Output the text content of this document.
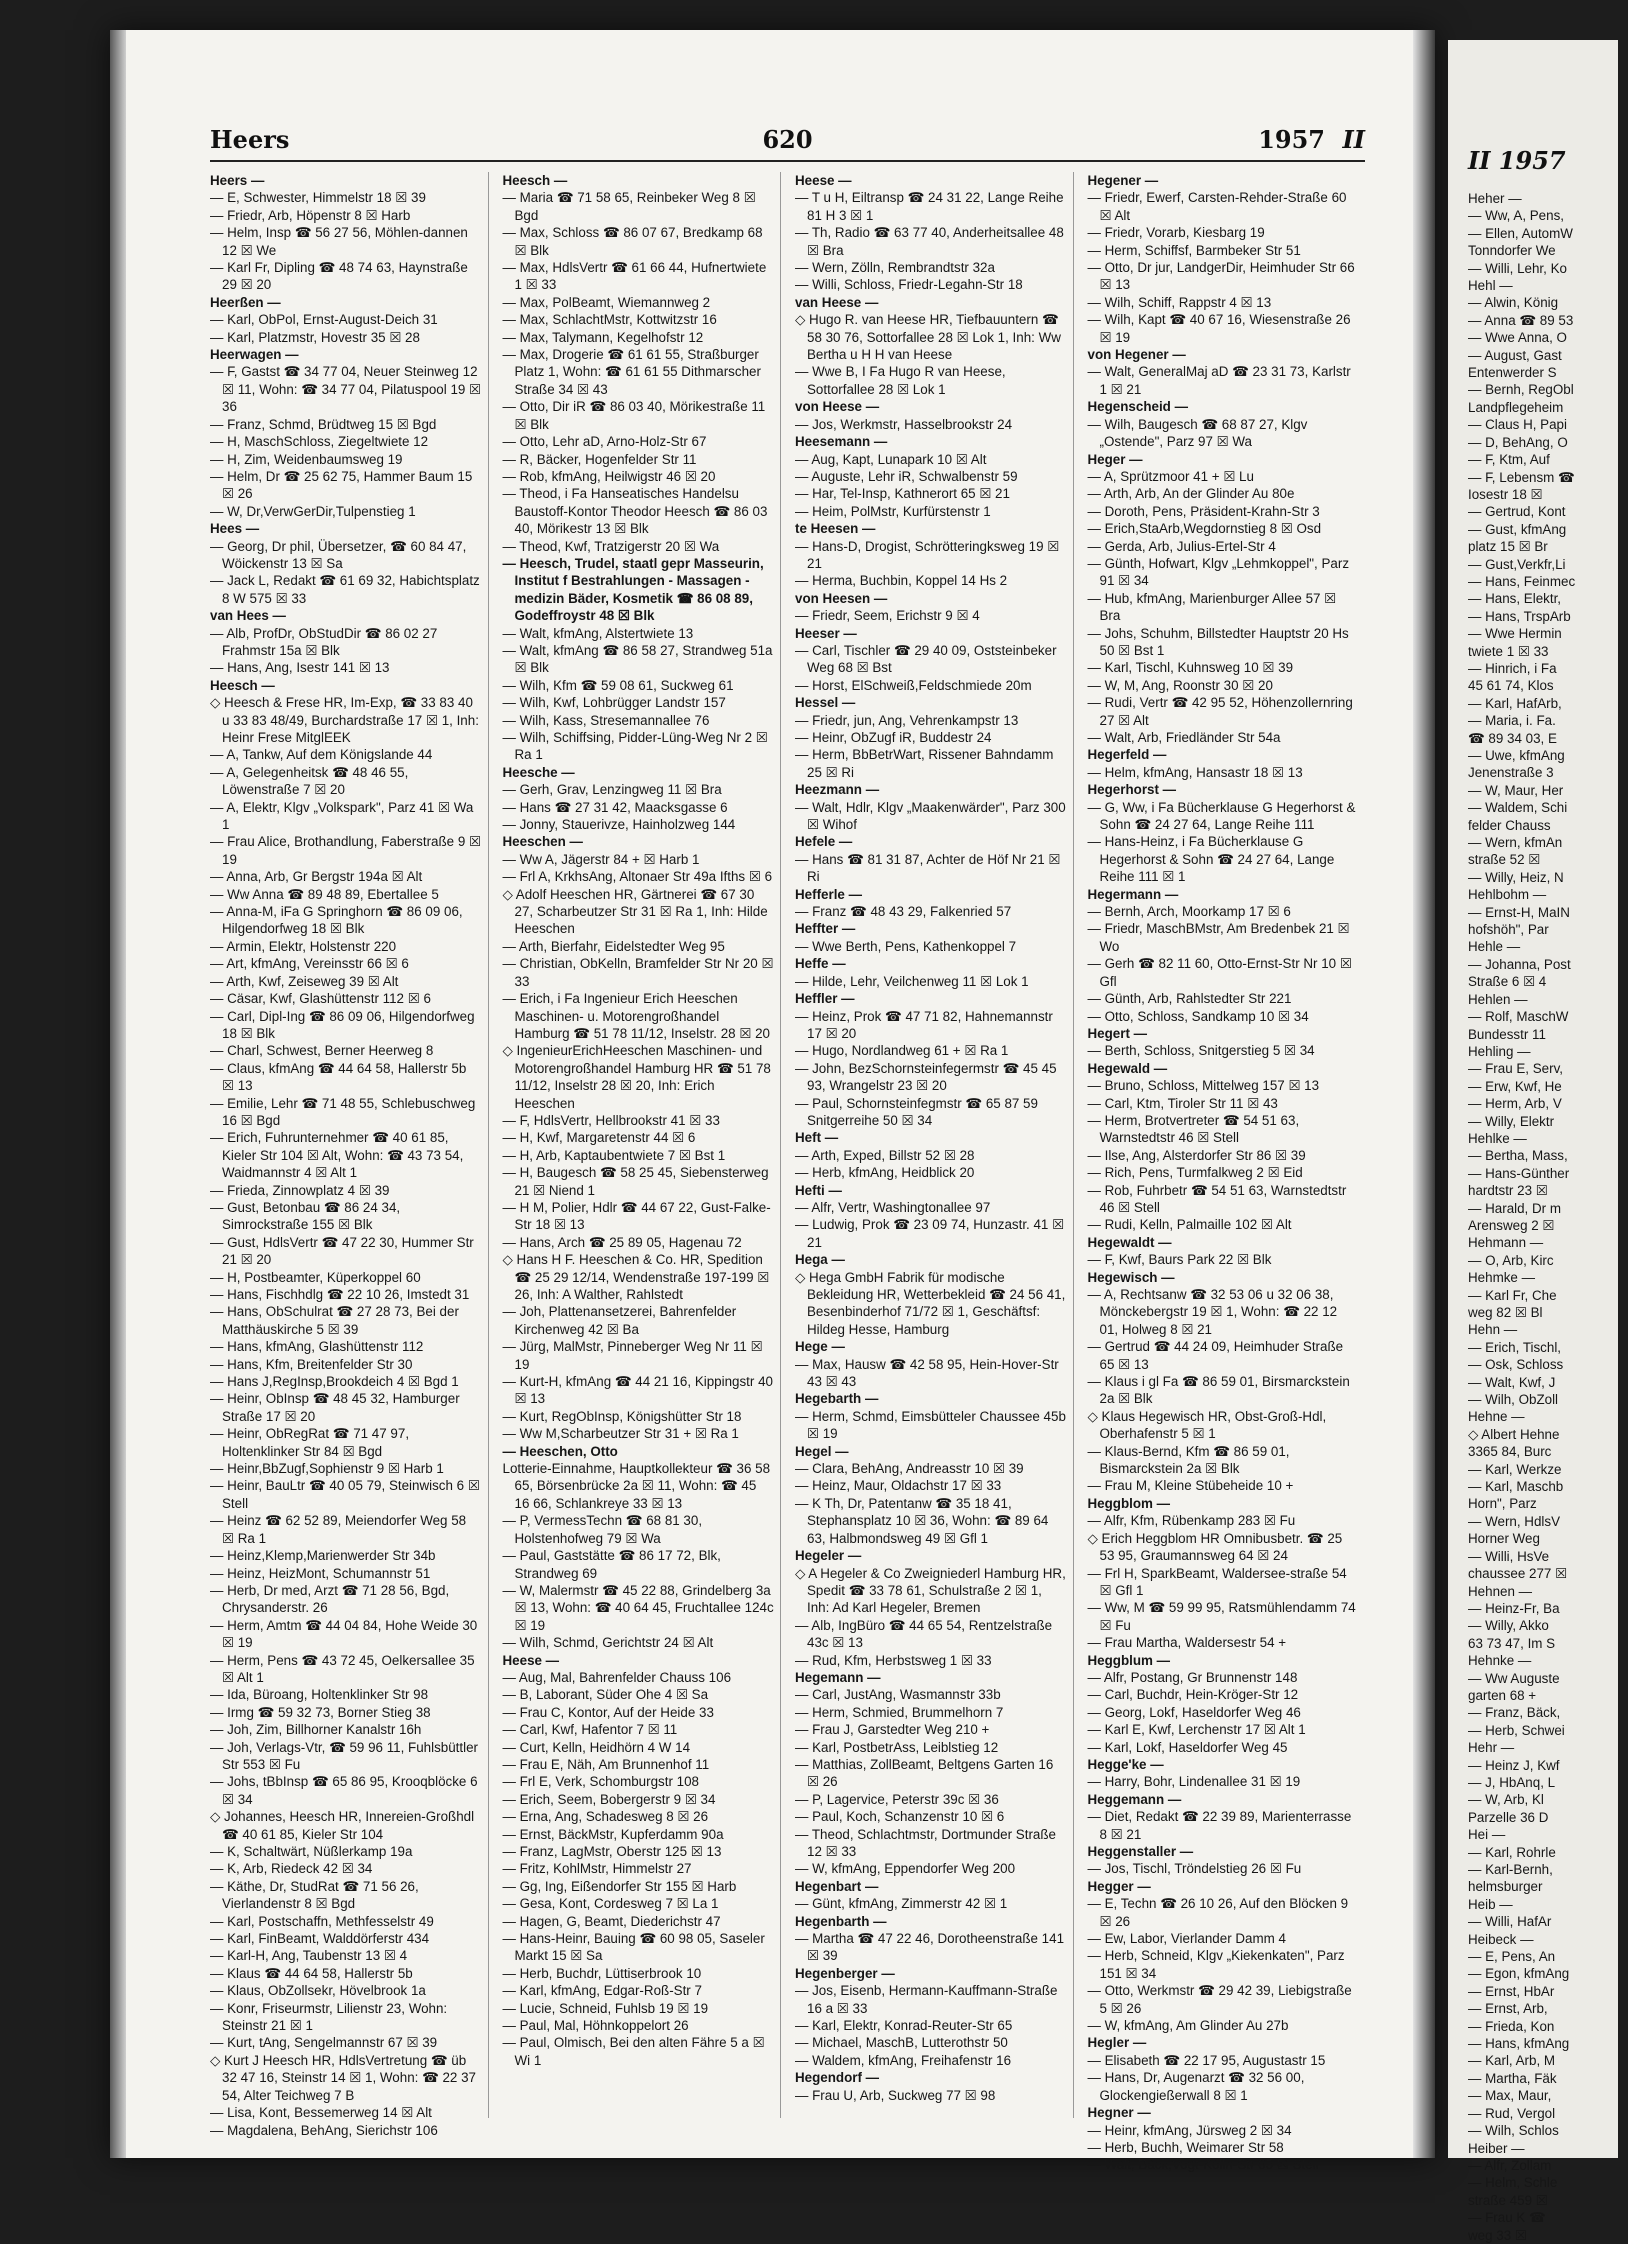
Heers	620	1957 II

Heers —

— E, Schwester, Himmelstr 18 ☒ 39

— Friedr, Arb, Höpenstr 8 ☒ Harb

— Helm, Insp ☎ 56 27 56, Möhlen-dannen 12 ☒ We

— Karl Fr, Dipling ☎ 48 74 63, Haynstraße 29 ☒ 20

Heerßen —

— Karl, ObPol, Ernst-August-Deich 31

— Karl, Platzmstr, Hovestr 35 ☒ 28

Heerwagen —

— F, Gastst ☎ 34 77 04, Neuer Steinweg 12 ☒ 11, Wohn: ☎ 34 77 04, Pilatuspool 19 ☒ 36

— Franz, Schmd, Brüdtweg 15 ☒ Bgd

— H, MaschSchloss, Ziegeltwiete 12

— H, Zim, Weidenbaumsweg 19

— Helm, Dr ☎ 25 62 75, Hammer Baum 15 ☒ 26

— W, Dr,VerwGerDir,Tulpenstieg 1

Hees —

— Georg, Dr phil, Übersetzer, ☎ 60 84 47, Wöickenstr 13 ☒ Sa

— Jack L, Redakt ☎ 61 69 32, Habichtsplatz 8 W 575 ☒ 33

van Hees —

— Alb, ProfDr, ObStudDir ☎ 86 02 27 Frahmstr 15a ☒ Blk

— Hans, Ang, Isestr 141 ☒ 13

Heesch —

◇ Heesch & Frese HR, Im-Exp, ☎ 33 83 40 u 33 83 48/49, Burchardstraße 17 ☒ 1, Inh: Heinr Frese MitglEEK

— A, Tankw, Auf dem Königslande 44

— A, Gelegenheitsk ☎ 48 46 55, Löwenstraße 7 ☒ 20

— A, Elektr, Klgv „Volkspark", Parz 41 ☒ Wa 1

— Frau Alice, Brothandlung, Faberstraße 9 ☒ 19

— Anna, Arb, Gr Bergstr 194a ☒ Alt

— Ww Anna ☎ 89 48 89, Ebertallee 5

— Anna-M, iFa G Springhorn ☎ 86 09 06, Hilgendorfweg 18 ☒ Blk

— Armin, Elektr, Holstenstr 220

— Art, kfmAng, Vereinsstr 66 ☒ 6

— Arth, Kwf, Zeiseweg 39 ☒ Alt

— Cäsar, Kwf, Glashüttenstr 112 ☒ 6

— Carl, Dipl-Ing ☎ 86 09 06, Hilgendorfweg 18 ☒ Blk

— Charl, Schwest, Berner Heerweg 8

— Claus, kfmAng ☎ 44 64 58, Hallerstr 5b ☒ 13

— Emilie, Lehr ☎ 71 48 55, Schlebuschweg 16 ☒ Bgd

— Erich, Fuhrunternehmer ☎ 40 61 85, Kieler Str 104 ☒ Alt, Wohn: ☎ 43 73 54, Waidmannstr 4 ☒ Alt 1

— Frieda, Zinnowplatz 4 ☒ 39

— Gust, Betonbau ☎ 86 24 34, Simrockstraße 155 ☒ Blk

— Gust, HdlsVertr ☎ 47 22 30, Hummer Str 21 ☒ 20

— H, Postbeamter, Küperkoppel 60

— Hans, Fischhdlg ☎ 22 10 26, Imstedt 31

— Hans, ObSchulrat ☎ 27 28 73, Bei der Matthäuskirche 5 ☒ 39

— Hans, kfmAng, Glashüttenstr 112

— Hans, Kfm, Breitenfelder Str 30

— Hans J,RegInsp,Brookdeich 4 ☒ Bgd 1

— Heinr, ObInsp ☎ 48 45 32, Hamburger Straße 17 ☒ 20

— Heinr, ObRegRat ☎ 71 47 97, Holtenklinker Str 84 ☒ Bgd

— Heinr,BbZugf,Sophienstr 9 ☒ Harb 1

— Heinr, BauLtr ☎ 40 05 79, Steinwisch 6 ☒ Stell

— Heinz ☎ 62 52 89, Meiendorfer Weg 58 ☒ Ra 1

— Heinz,Klemp,Marienwerder Str 34b

— Heinz, HeizMont, Schumannstr 51

— Herb, Dr med, Arzt ☎ 71 28 56, Bgd, Chrysanderstr. 26

— Herm, Amtm ☎ 44 04 84, Hohe Weide 30 ☒ 19

— Herm, Pens ☎ 43 72 45, Oelkersallee 35 ☒ Alt 1

— Ida, Büroang, Holtenklinker Str 98

— Irmg ☎ 59 32 73, Borner Stieg 38

— Joh, Zim, Billhorner Kanalstr 16h

— Joh, Verlags-Vtr, ☎ 59 96 11, Fuhlsbüttler Str 553 ☒ Fu

— Johs, tBbInsp ☎ 65 86 95, Krooqblöcke 6 ☒ 34

◇ Johannes, Heesch HR, Innereien-Großhdl ☎ 40 61 85, Kieler Str 104

— K, Schaltwärt, Nüßlerkamp 19a

— K, Arb, Riedeck 42 ☒ 34

— Käthe, Dr, StudRat ☎ 71 56 26, Vierlandenstr 8 ☒ Bgd

— Karl, Postschaffn, Methfesselstr 49

— Karl, FinBeamt, Walddörferstr 434

— Karl-H, Ang, Taubenstr 13 ☒ 4

— Klaus ☎ 44 64 58, Hallerstr 5b

— Klaus, ObZollsekr, Hövelbrook 1a

— Konr, Friseurmstr, Lilienstr 23, Wohn: Steinstr 21 ☒ 1

— Kurt, tAng, Sengelmannstr 67 ☒ 39

◇ Kurt J Heesch HR, HdlsVertretung ☎ üb 32 47 16, Steinstr 14 ☒ 1, Wohn: ☎ 22 37 54, Alter Teichweg 7 B

— Lisa, Kont, Bessemerweg 14 ☒ Alt

— Magdalena, BehAng, Sierichstr 106

Heesch —

— Maria ☎ 71 58 65, Reinbeker Weg 8 ☒ Bgd

— Max, Schloss ☎ 86 07 67, Bredkamp 68 ☒ Blk

— Max, HdlsVertr ☎ 61 66 44, Hufnertwiete 1 ☒ 33

— Max, PolBeamt, Wiemannweg 2

— Max, SchlachtMstr, Kottwitzstr 16

— Max, Talymann, Kegelhofstr 12

— Max, Drogerie ☎ 61 61 55, Straßburger Platz 1, Wohn: ☎ 61 61 55 Dithmarscher Straße 34 ☒ 43

— Otto, Dir iR ☎ 86 03 40, Mörikestraße 11 ☒ Blk

— Otto, Lehr aD, Arno-Holz-Str 67

— R, Bäcker, Hogenfelder Str 11

— Rob, kfmAng, Heilwigstr 46 ☒ 20

— Theod, i Fa Hanseatisches Handelsu Baustoff-Kontor Theodor Heesch ☎ 86 03 40, Mörikestr 13 ☒ Blk

— Theod, Kwf, Tratzigerstr 20 ☒ Wa

— Heesch, Trudel, staatl gepr Masseurin, Institut f Bestrahlungen - Massagen - medizin Bäder, Kosmetik ☎ 86 08 89, Godeffroystr 48 ☒ Blk

— Walt, kfmAng, Alstertwiete 13

— Walt, kfmAng ☎ 86 58 27, Strandweg 51a ☒ Blk

— Wilh, Kfm ☎ 59 08 61, Suckweg 61

— Wilh, Kwf, Lohbrügger Landstr 157

— Wilh, Kass, Stresemannallee 76

— Wilh, Schiffsing, Pidder-Lüng-Weg Nr 2 ☒ Ra 1

Heesche —

— Gerh, Grav, Lenzingweg 11 ☒ Bra

— Hans ☎ 27 31 42, Maacksgasse 6

— Jonny, Stauerivze, Hainholzweg 144

Heeschen —

— Ww A, Jägerstr 84 + ☒ Harb 1

— Frl A, KrkhsAng, Altonaer Str 49a Ifths ☒ 6

◇ Adolf Heeschen HR, Gärtnerei ☎ 67 30 27, Scharbeutzer Str 31 ☒ Ra 1, Inh: Hilde Heeschen

— Arth, Bierfahr, Eidelstedter Weg 95

— Christian, ObKelln, Bramfelder Str Nr 20 ☒ 33

— Erich, i Fa Ingenieur Erich Heeschen Maschinen- u. Motorengroßhandel Hamburg ☎ 51 78 11/12, Inselstr. 28 ☒ 20

◇ IngenieurErichHeeschen Maschinen- und Motorengroßhandel Hamburg HR ☎ 51 78 11/12, Inselstr 28 ☒ 20, Inh: Erich Heeschen

— F, HdlsVertr, Hellbrookstr 41 ☒ 33

— H, Kwf, Margaretenstr 44 ☒ 6

— H, Arb, Kaptaubentwiete 7 ☒ Bst 1

— H, Baugesch ☎ 58 25 45, Siebensterweg 21 ☒ Niend 1

— H M, Polier, Hdlr ☎ 44 67 22, Gust-Falke-Str 18 ☒ 13

— Hans, Arch ☎ 25 89 05, Hagenau 72

◇ Hans H F. Heeschen & Co. HR, Spedition ☎ 25 29 12/14, Wendenstraße 197-199 ☒ 26, Inh: A Walther, Rahlstedt

— Joh, Plattenansetzerei, Bahrenfelder Kirchenweg 42 ☒ Ba

— Jürg, MalMstr, Pinneberger Weg Nr 11 ☒ 19

— Kurt-H, kfmAng ☎ 44 21 16, Kippingstr 40 ☒ 13

— Kurt, RegObInsp, Königshütter Str 18

— Ww M,Scharbeutzer Str 31 + ☒ Ra 1

— Heeschen, Otto

Lotterie-Einnahme, Hauptkollekteur ☎ 36 58 65, Börsenbrücke 2a ☒ 11, Wohn: ☎ 45 16 66, Schlankreye 33 ☒ 13

— P, VermessTechn ☎ 68 81 30, Holstenhofweg 79 ☒ Wa

— Paul, Gaststätte ☎ 86 17 72, Blk, Strandweg 69

— W, Malermstr ☎ 45 22 88, Grindelberg 3a ☒ 13, Wohn: ☎ 40 64 45, Fruchtallee 124c ☒ 19

— Wilh, Schmd, Gerichtstr 24 ☒ Alt

Heese —

— Aug, Mal, Bahrenfelder Chauss 106

— B, Laborant, Süder Ohe 4 ☒ Sa

— Frau C, Kontor, Auf der Heide 33

— Carl, Kwf, Hafentor 7 ☒ 11

— Curt, Kelln, Heidhörn 4 W 14

— Frau E, Näh, Am Brunnenhof 11

— Frl E, Verk, Schomburgstr 108

— Erich, Seem, Bobergerstr 9 ☒ 34

— Erna, Ang, Schadesweg 8 ☒ 26

— Ernst, BäckMstr, Kupferdamm 90a

— Franz, LagMstr, Oberstr 125 ☒ 13

— Fritz, KohlMstr, Himmelstr 27

— Gg, Ing, Eißendorfer Str 155 ☒ Harb

— Gesa, Kont, Cordesweg 7 ☒ La 1

— Hagen, G, Beamt, Diederichstr 47

— Hans-Heinr, Bauing ☎ 60 98 05, Saseler Markt 15 ☒ Sa

— Herb, Buchdr, Lüttiserbrook 10

— Karl, kfmAng, Edgar-Roß-Str 7

— Lucie, Schneid, Fuhlsb 19 ☒ 19

— Paul, Mal, Höhnkoppelort 26

— Paul, Olmisch, Bei den alten Fähre 5 a ☒ Wi 1

Heese —

— T u H, Eiltransp ☎ 24 31 22, Lange Reihe 81 H 3 ☒ 1

— Th, Radio ☎ 63 77 40, Anderheitsallee 48 ☒ Bra

— Wern, Zölln, Rembrandtstr 32a

— Willi, Schloss, Friedr-Legahn-Str 18

van Heese —

◇ Hugo R. van Heese HR, Tiefbauuntern ☎ 58 30 76, Sottorfallee 28 ☒ Lok 1, Inh: Ww Bertha u H H van Heese

— Wwe B, I Fa Hugo R van Heese, Sottorfallee 28 ☒ Lok 1

von Heese —

— Jos, Werkmstr, Hasselbrookstr 24

Heesemann —

— Aug, Kapt, Lunapark 10 ☒ Alt

— Auguste, Lehr iR, Schwalbenstr 59

— Har, Tel-Insp, Kathnerort 65 ☒ 21

— Heim, PolMstr, Kurfürstenstr 1

te Heesen —

— Hans-D, Drogist, Schrötteringksweg 19 ☒ 21

— Herma, Buchbin, Koppel 14 Hs 2

von Heesen —

— Friedr, Seem, Erichstr 9 ☒ 4

Heeser —

— Carl, Tischler ☎ 29 40 09, Oststeinbeker Weg 68 ☒ Bst

— Horst, ElSchweiß,Feldschmiede 20m

Hessel —

— Friedr, jun, Ang, Vehrenkampstr 13

— Heinr, ObZugf iR, Buddestr 24

— Herm, BbBetrWart, Rissener Bahndamm 25 ☒ Ri

Heezmann —

— Walt, Hdlr, Klgv „Maakenwärder", Parz 300 ☒ Wihof

Hefele —

— Hans ☎ 81 31 87, Achter de Höf Nr 21 ☒ Ri

Hefferle —

— Franz ☎ 48 43 29, Falkenried 57

Heffter —

— Wwe Berth, Pens, Kathenkoppel 7

Heffe —

— Hilde, Lehr, Veilchenweg 11 ☒ Lok 1

Heffler —

— Heinz, Prok ☎ 47 71 82, Hahnemannstr 17 ☒ 20

— Hugo, Nordlandweg 61 + ☒ Ra 1

— John, BezSchornsteinfegermstr ☎ 45 45 93, Wrangelstr 23 ☒ 20

— Paul, Schornsteinfegmstr ☎ 65 87 59 Snitgerreihe 50 ☒ 34

Heft —

— Arth, Exped, Billstr 52 ☒ 28

— Herb, kfmAng, Heidblick 20

Hefti —

— Alfr, Vertr, Washingtonallee 97

— Ludwig, Prok ☎ 23 09 74, Hunzastr. 41 ☒ 21

Hega —

◇ Hega GmbH Fabrik für modische Bekleidung HR, Wetterbekleid ☎ 24 56 41, Besenbinderhof 71/72 ☒ 1, Geschäftsf: Hildeg Hesse, Hamburg

Hege —

— Max, Hausw ☎ 42 58 95, Hein-Hover-Str 43 ☒ 43

Hegebarth —

— Herm, Schmd, Eimsbütteler Chaussee 45b ☒ 19

Hegel —

— Clara, BehAng, Andreasstr 10 ☒ 39

— Heinz, Maur, Oldachstr 17 ☒ 33

— K Th, Dr, Patentanw ☎ 35 18 41, Stephansplatz 10 ☒ 36, Wohn: ☎ 89 64 63, Halbmondsweg 49 ☒ Gfl 1

Hegeler —

◇ A Hegeler & Co Zweigniederl Hamburg HR, Spedit ☎ 33 78 61, Schulstraße 2 ☒ 1, Inh: Ad Karl Hegeler, Bremen

— Alb, IngBüro ☎ 44 65 54, Rentzelstraße 43c ☒ 13

— Rud, Kfm, Herbstsweg 1 ☒ 33

Hegemann —

— Carl, JustAng, Wasmannstr 33b

— Herm, Schmied, Brummelhorn 7

— Frau J, Garstedter Weg 210 +

— Karl, PostbetrAss, Leiblstieg 12

— Matthias, ZollBeamt, Beltgens Garten 16 ☒ 26

— P, Lagervice, Peterstr 39c ☒ 36

— Paul, Koch, Schanzenstr 10 ☒ 6

— Theod, Schlachtmstr, Dortmunder Straße 12 ☒ 33

— W, kfmAng, Eppendorfer Weg 200

Hegenbart —

— Günt, kfmAng, Zimmerstr 42 ☒ 1

Hegenbarth —

— Martha ☎ 47 22 46, Dorotheenstraße 141 ☒ 39

Hegenberger —

— Jos, Eisenb, Hermann-Kauffmann-Straße 16 a ☒ 33

— Karl, Elektr, Konrad-Reuter-Str 65

— Michael, MaschB, Lutterothstr 50

— Waldem, kfmAng, Freihafenstr 16

Hegendorf —

— Frau U, Arb, Suckweg 77 ☒ 98

Hegener —

— Friedr, Ewerf, Carsten-Rehder-Straße 60 ☒ Alt

— Friedr, Vorarb, Kiesbarg 19

— Herm, Schiffsf, Barmbeker Str 51

— Otto, Dr jur, LandgerDir, Heimhuder Str 66 ☒ 13

— Wilh, Schiff, Rappstr 4 ☒ 13

— Wilh, Kapt ☎ 40 67 16, Wiesenstraße 26 ☒ 19

von Hegener —

— Walt, GeneralMaj aD ☎ 23 31 73, Karlstr 1 ☒ 21

Hegenscheid —

— Wilh, Baugesch ☎ 68 87 27, Klgv „Ostende", Parz 97 ☒ Wa

Heger —

— A, Sprützmoor 41 + ☒ Lu

— Arth, Arb, An der Glinder Au 80e

— Doroth, Pens, Präsident-Krahn-Str 3

— Erich,StaArb,Wegdornstieg 8 ☒ Osd

— Gerda, Arb, Julius-Ertel-Str 4

— Günth, Hofwart, Klgv „Lehmkoppel", Parz 91 ☒ 34

— Hub, kfmAng, Marienburger Allee 57 ☒ Bra

— Johs, Schuhm, Billstedter Hauptstr 20 Hs 50 ☒ Bst 1

— Karl, Tischl, Kuhnsweg 10 ☒ 39

— W, M, Ang, Roonstr 30 ☒ 20

— Rudi, Vertr ☎ 42 95 52, Höhenzollernring 27 ☒ Alt

— Walt, Arb, Friedländer Str 54a

Hegerfeld —

— Helm, kfmAng, Hansastr 18 ☒ 13

Hegerhorst —

— G, Ww, i Fa Bücherklause G Hegerhorst & Sohn ☎ 24 27 64, Lange Reihe 111

— Hans-Heinz, i Fa Bücherklause G Hegerhorst & Sohn ☎ 24 27 64, Lange Reihe 111 ☒ 1

Hegermann —

— Bernh, Arch, Moorkamp 17 ☒ 6

— Friedr, MaschBMstr, Am Bredenbek 21 ☒ Wo

— Gerh ☎ 82 11 60, Otto-Ernst-Str Nr 10 ☒ Gfl

— Günth, Arb, Rahlstedter Str 221

— Otto, Schloss, Sandkamp 10 ☒ 34

Hegert —

— Berth, Schloss, Snitgerstieg 5 ☒ 34

Hegewald —

— Bruno, Schloss, Mittelweg 157 ☒ 13

— Carl, Ktm, Tiroler Str 11 ☒ 43

— Herm, Brotvertreter ☎ 54 51 63, Warnstedtstr 46 ☒ Stell

— Ilse, Ang, Alsterdorfer Str 86 ☒ 39

— Rich, Pens, Turmfalkweg 2 ☒ Eid

— Rob, Fuhrbetr ☎ 54 51 63, Warnstedtstr 46 ☒ Stell

— Rudi, Kelln, Palmaille 102 ☒ Alt

Hegewaldt —

— F, Kwf, Baurs Park 22 ☒ Blk

Hegewisch —

— A, Rechtsanw ☎ 32 53 06 u 32 06 38, Mönckebergstr 19 ☒ 1, Wohn: ☎ 22 12 01, Holweg 8 ☒ 21

— Gertrud ☎ 44 24 09, Heimhuder Straße 65 ☒ 13

— Klaus i gl Fa ☎ 86 59 01, Birsmarckstein 2a ☒ Blk

◇ Klaus Hegewisch HR, Obst-Groß-Hdl, Oberhafenstr 5 ☒ 1

— Klaus-Bernd, Kfm ☎ 86 59 01, Bismarckstein 2a ☒ Blk

— Frau M, Kleine Stübeheide 10 +

Heggblom —

— Alfr, Kfm, Rübenkamp 283 ☒ Fu

◇ Erich Heggblom HR Omnibusbetr. ☎ 25 53 95, Graumannsweg 64 ☒ 24

— Frl H, SparkBeamt, Waldersee-straße 54 ☒ Gfl 1

— Ww, M ☎ 59 99 95, Ratsmühlendamm 74 ☒ Fu

— Frau Martha, Waldersestr 54 +

Heggblum —

— Alfr, Postang, Gr Brunnenstr 148

— Carl, Buchdr, Hein-Kröger-Str 12

— Georg, Lokf, Haseldorfer Weg 46

— Karl E, Kwf, Lerchenstr 17 ☒ Alt 1

— Karl, Lokf, Haseldorfer Weg 45

Hegge'ke —

— Harry, Bohr, Lindenallee 31 ☒ 19

Heggemann —

— Diet, Redakt ☎ 22 39 89, Marienterrasse 8 ☒ 21

Heggenstaller —

— Jos, Tischl, Tröndelstieg 26 ☒ Fu

Hegger —

— E, Techn ☎ 26 10 26, Auf den Blöcken 9 ☒ 26

— Ew, Labor, Vierlander Damm 4

— Herb, Schneid, Klgv „Kiekenkaten", Parz 151 ☒ 34

— Otto, Werkmstr ☎ 29 42 39, Liebigstraße 5 ☒ 26

— W, kfmAng, Am Glinder Au 27b

Hegler —

— Elisabeth ☎ 22 17 95, Augustastr 15

— Hans, Dr, Augenarzt ☎ 32 56 00, Glockengießerwall 8 ☒ 1

Hegner —

— Heinr, kfmAng, Jürsweg 2 ☒ 34

— Herb, Buchh, Weimarer Str 58

— Walt, Bäck,Vogt-Kölln-Str 85 ☒ Stell

II 1957
Heher —
— Ww, A, Pens,
— Ellen, AutomW
Tonndorfer We
— Willi, Lehr, Ko
Hehl —
— Alwin, König
— Anna ☎ 89 53
— Wwe Anna, O
— August, Gast
Entenwerder S
— Bernh, RegObl
Landpflegeheim
— Claus H, Papi
— D, BehAng, O
— F, Ktm, Auf
— F, Lebensm ☎
Iosestr 18 ☒
— Gertrud, Kont
— Gust, kfmAng
platz 15 ☒ Br
— Gust,Verkfr,Li
— Hans, Feinmec
— Hans, Elektr,
— Hans, TrspArb
— Wwe Hermin
twiete 1 ☒ 33
— Hinrich, i Fa
45 61 74, Klos
— Karl, HafArb,
— Maria, i. Fa.
☎ 89 34 03, E
— Uwe, kfmAng
Jenenstraße 3
— W, Maur, Her
— Waldem, Schi
felder Chauss
— Wern, kfmAn
straße 52 ☒
— Willy, Heiz, N
Hehlbohm —
— Ernst-H, MaIN
hofshöh", Par
Hehle —
— Johanna, Post
Straße 6 ☒ 4
Hehlen —
— Rolf, MaschW
Bundesstr 11
Hehling —
— Frau E, Serv,
— Erw, Kwf, He
— Herm, Arb, V
— Willy, Elektr
Hehlke —
— Bertha, Mass,
— Hans-Günther
hardtstr 23 ☒
— Harald, Dr m
Arensweg 2 ☒
Hehmann —
— O, Arb, Kirc
Hehmke —
— Karl Fr, Che
weg 82 ☒ Bl
Hehn —
— Erich, Tischl,
— Osk, Schloss
— Walt, Kwf, J
— Wilh, ObZoll
Hehne —
◇ Albert Hehne
3365 84, Burc
— Karl, Werkze
— Karl, Maschb
Horn", Parz
— Wern, HdlsV
Horner Weg
— Willi, HsVe
chaussee 277 ☒
Hehnen —
— Heinz-Fr, Ba
— Willy, Akko
63 73 47, Im S
Hehnke —
— Ww Auguste
garten 68 +
— Franz, Bäck,
— Herb, Schwei
Hehr —
— Heinz J, Kwf
— J, HbAnq, L
— W, Arb, Kl
Parzelle 36 D
Hei —
— Karl, Rohrle
— Karl-Bernh,
helmsburger
Heib —
— Willi, HafAr
Heibeck —
— E, Pens, An
— Egon, kfmAng
— Ernst, HbAr
— Ernst, Arb,
— Frieda, Kon
— Hans, kfmAng
— Karl, Arb, M
— Martha, Fäk
— Max, Maur,
— Rud, Vergol
— Wilh, Schlos
Heiber —
— Alfr, Zollam
— Helm, Schle
straße 459 ☒
— Frau K ☎
weg 33 ☒
